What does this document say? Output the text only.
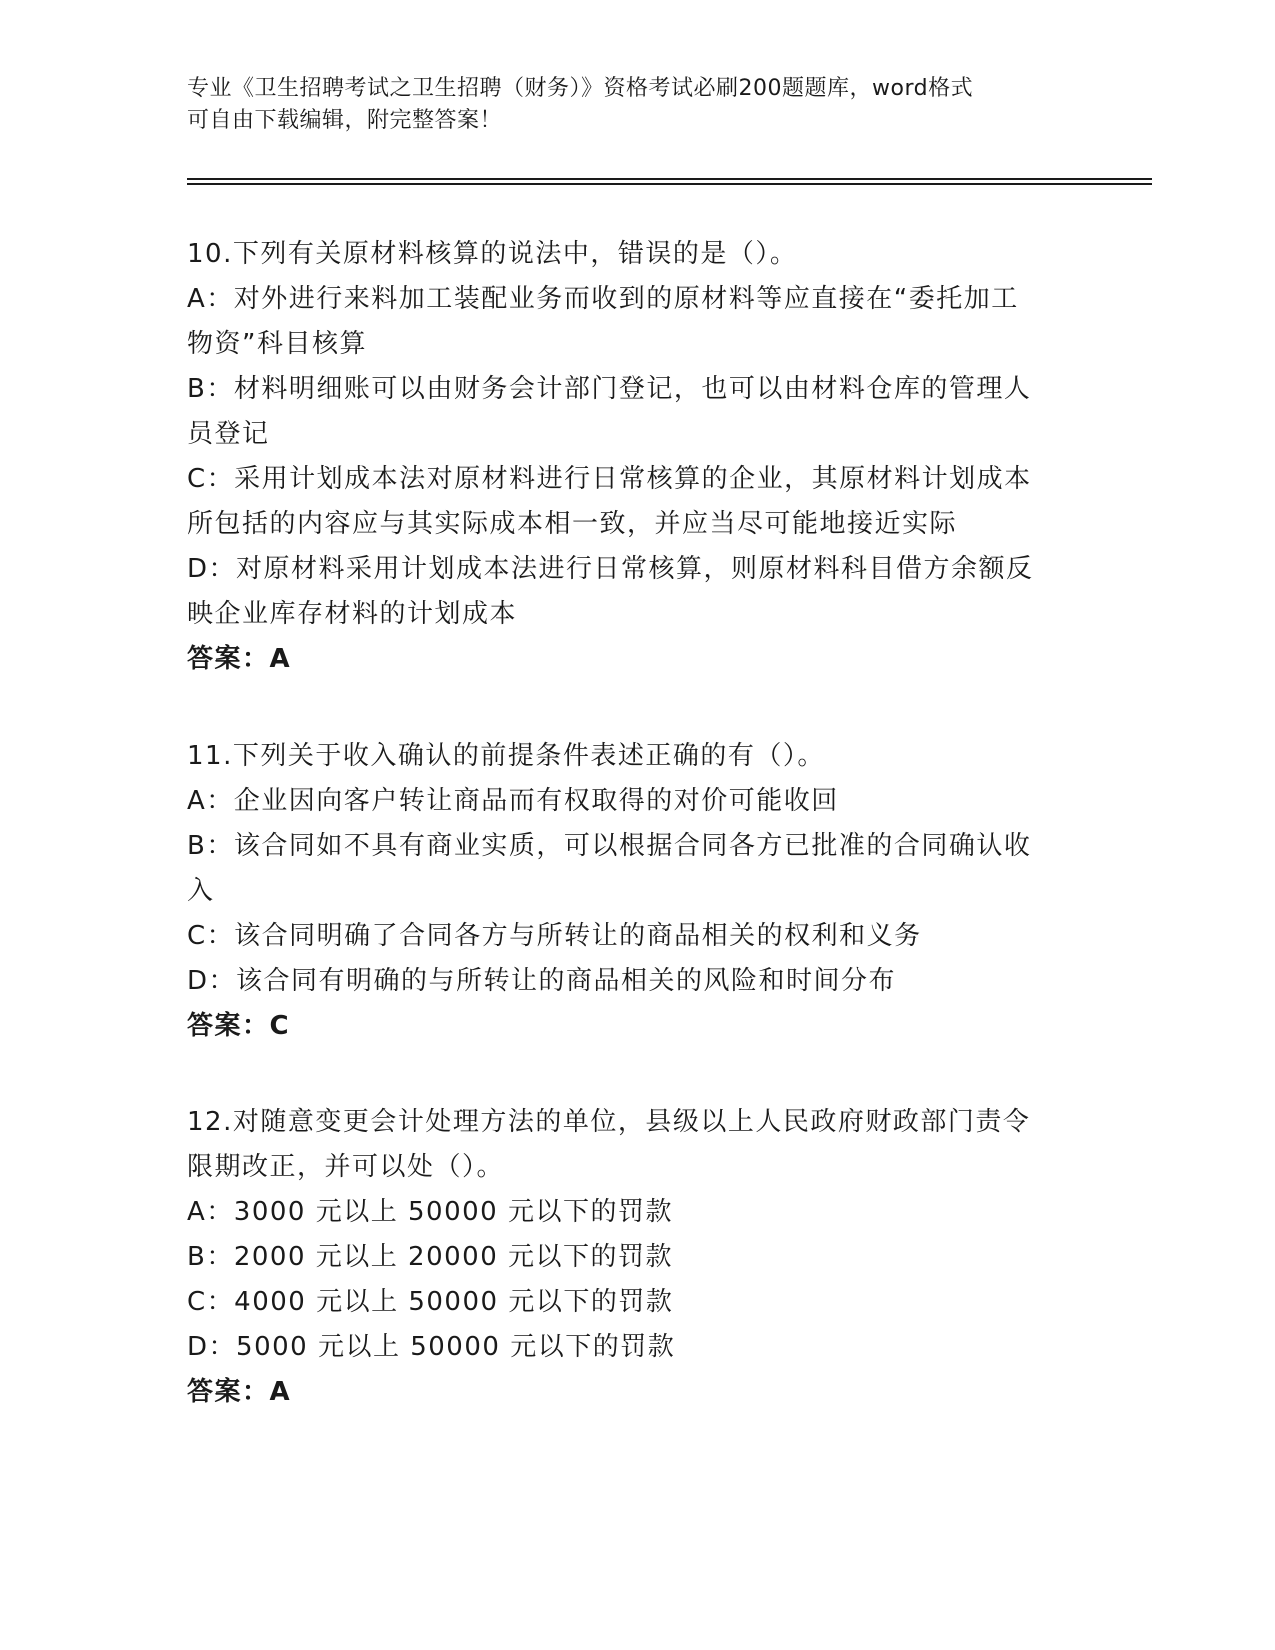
专业《卫生招聘考试之卫生招聘（财务）》资格考试必刷200题题库，word格式
可自由下载编辑，附完整答案！
10.下列有关原材料核算的说法中，错误的是（）。
A：对外进行来料加工装配业务而收到的原材料等应直接在“委托加工
物资”科目核算
B：材料明细账可以由财务会计部门登记，也可以由材料仓库的管理人
员登记
C：采用计划成本法对原材料进行日常核算的企业，其原材料计划成本
所包括的内容应与其实际成本相一致，并应当尽可能地接近实际
D：对原材料采用计划成本法进行日常核算，则原材料科目借方余额反
映企业库存材料的计划成本
答案：A
11.下列关于收入确认的前提条件表述正确的有（）。
A：企业因向客户转让商品而有权取得的对价可能收回
B：该合同如不具有商业实质，可以根据合同各方已批准的合同确认收
入
C：该合同明确了合同各方与所转让的商品相关的权利和义务
D：该合同有明确的与所转让的商品相关的风险和时间分布
答案：C
12.对随意变更会计处理方法的单位，县级以上人民政府财政部门责令
限期改正，并可以处（）。
A：3000 元以上 50000 元以下的罚款
B：2000 元以上 20000 元以下的罚款
C：4000 元以上 50000 元以下的罚款
D：5000 元以上 50000 元以下的罚款
答案：A
